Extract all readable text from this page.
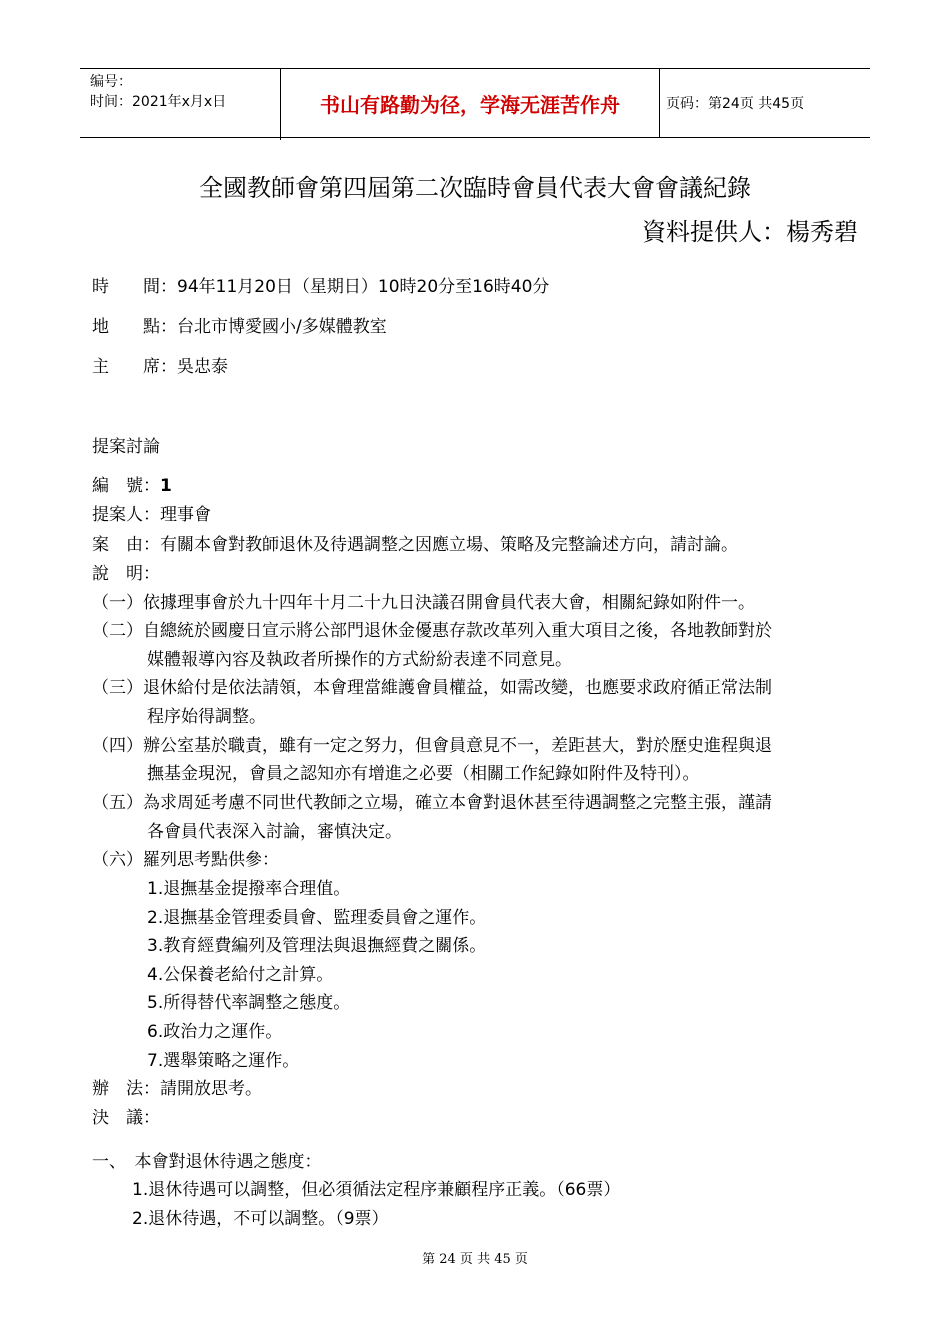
编号：
时间：2021年x月x日	书山有路勤为径，学海无涯苦作舟	页码：第24页 共45页
全國教師會第四屆第二次臨時會員代表大會會議紀錄
資料提供人：楊秀碧
時　　間：94年11月20日（星期日）10時20分至16時40分
地　　點：台北市博愛國小/多媒體教室
主　　席：吳忠泰
提案討論
編　號：1
提案人：理事會
案　由：有關本會對教師退休及待遇調整之因應立場、策略及完整論述方向，請討論。
說　明：
（一）依據理事會於九十四年十月二十九日決議召開會員代表大會，相關紀錄如附件一。
（二）自總統於國慶日宣示將公部門退休金優惠存款改革列入重大項目之後，各地教師對於
媒體報導內容及執政者所操作的方式紛紛表達不同意見。
（三）退休給付是依法請領，本會理當維護會員權益，如需改變，也應要求政府循正常法制
程序始得調整。
（四）辦公室基於職責，雖有一定之努力，但會員意見不一，差距甚大，對於歷史進程與退
撫基金現況，會員之認知亦有增進之必要（相關工作紀錄如附件及特刊）。
（五）為求周延考慮不同世代教師之立場，確立本會對退休甚至待遇調整之完整主張，謹請
各會員代表深入討論，審慎決定。
（六）羅列思考點供參：
1.退撫基金提撥率合理值。
2.退撫基金管理委員會、監理委員會之運作。
3.教育經費編列及管理法與退撫經費之關係。
4.公保養老給付之計算。
5.所得替代率調整之態度。
6.政治力之運作。
7.選舉策略之運作。
辦　法：請開放思考。
決　議：
一、　本會對退休待遇之態度：
1.退休待遇可以調整，但必須循法定程序兼顧程序正義。（66票）
2.退休待遇，不可以調整。（9票）
第 24 页 共 45 页
